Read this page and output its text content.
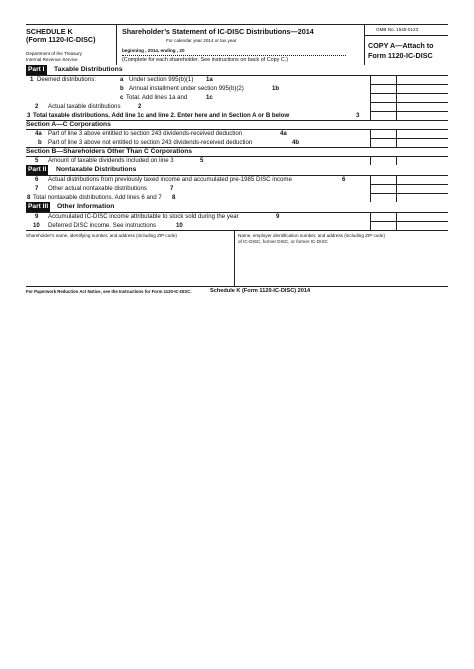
SCHEDULE K
(Form 1120-IC-DISC)
Department of the Treasury
Internal Revenue Service
Shareholder’s Statement of IC-DISC Distributions—2014
For calendar year 2014 or tax year
beginning , 2014, ending , 20
(Complete for each shareholder. See instructions on back of Copy C.)
OMB No. 1545-0123
COPY A—Attach to
Form 1120-IC-DISC
Part I Taxable Distributions
1 Deemed distributions:	a Under section 995(b)(1) 1a
b Annual installment under section 995(b)(2)	1b
c Total. Add lines 1a and	1c
2 Actual taxable distributions	2
3 Total taxable distributions. Add line 1c and line 2. Enter here and in Section A or B below	3
Section A—C Corporations
4a Part of line 3 above entitled to section 243 dividends-received deduction	4a
b Part of line 3 above not entitled to section 243 dividends-received deduction	4b
Section B—Shareholders Other Than C Corporations
5 Amount of taxable dividends included on line 3	5
Part II Nontaxable Distributions
6 Actual distributions from previously taxed income and accumulated pre-1985 DISC income	6
7 Other actual nontaxable distributions	7
8 Total nontaxable distributions. Add lines 6 and 7 8
Part III Other Information
9 Accumulated IC-DISC income attributable to stock sold during the year	9
10 Deferred DISC income. See instructions	10
Shareholder’s name, identifying number, and address (including ZIP code)	Name, employer identification number, and address (including ZIP code)
of IC-DISC, former DISC, or former IC-DISC
For Paperwork Reduction Act Notice, see the Instructions for Form 1120-IC-DISC.	Schedule K (Form 1120-IC-DISC) 2014
